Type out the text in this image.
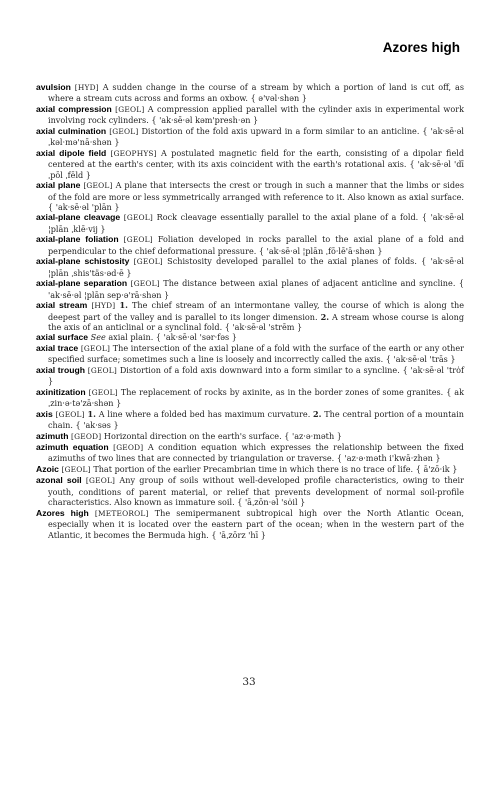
Azores high

avulsion [HYD] A sudden change in the course of a stream by which a portion of land is cut off, as where a stream cuts across and forms an oxbow. { ə'vəl·shən }

axial compression [GEOL] A compression applied parallel with the cylinder axis in experimental work involving rock cylinders. { 'ak·sē·əl kəm'presh·ən }

axial culmination [GEOL] Distortion of the fold axis upward in a form similar to an anticline. { 'ak·sē·əl ˌkəl·mə'nā·shən }

axial dipole field [GEOPHYS] A postulated magnetic field for the earth, consisting of a dipolar field centered at the earth's center, with its axis coincident with the earth's rotational axis. { 'ak·sē·əl 'dīˌpōl ˌfēld }

axial plane [GEOL] A plane that intersects the crest or trough in such a manner that the limbs or sides of the fold are more or less symmetrically arranged with reference to it. Also known as axial surface. { 'ak·sē·əl 'plān }

axial-plane cleavage [GEOL] Rock cleavage essentially parallel to the axial plane of a fold. { 'ak·sē·əl ¦plān ˌklē·vij }

axial-plane foliation [GEOL] Foliation developed in rocks parallel to the axial plane of a fold and perpendicular to the chief deformational pressure. { 'ak·sē·əl ¦plān ˌfō·lē'ā·shən }

axial-plane schistosity [GEOL] Schistosity developed parallel to the axial planes of folds. { 'ak·sē·əl ¦plān ˌshis'täs·əd·ē }

axial-plane separation [GEOL] The distance between axial planes of adjacent anticline and syncline. { 'ak·sē·əl ¦plān sep·ə'rā·shən }

axial stream [HYD] 1. The chief stream of an intermontane valley, the course of which is along the deepest part of the valley and is parallel to its longer dimension. 2. A stream whose course is along the axis of an anticlinal or a synclinal fold. { 'ak·sē·əl 'strēm }

axial surface See axial plain. { 'ak·sē·əl 'sər·fəs }

axial trace [GEOL] The intersection of the axial plane of a fold with the surface of the earth or any other specified surface; sometimes such a line is loosely and incorrectly called the axis. { 'ak·sē·əl 'trās }

axial trough [GEOL] Distortion of a fold axis downward into a form similar to a syncline. { 'ak·sē·əl 'trȯf }

axinitization [GEOL] The replacement of rocks by axinite, as in the border zones of some granites. { akˌzin·ə·tə'zā·shən }

axis [GEOL] 1. A line where a folded bed has maximum curvature. 2. The central portion of a mountain chain. { 'ak·səs }

azimuth [GEOD] Horizontal direction on the earth's surface. { 'az·ə·məth }

azimuth equation [GEOD] A condition equation which expresses the relationship between the fixed azimuths of two lines that are connected by triangulation or traverse. { 'az·ə·məth i'kwā·zhən }

Azoic [GEOL] That portion of the earlier Precambrian time in which there is no trace of life. { ā'zō·ik }

azonal soil [GEOL] Any group of soils without well-developed profile characteristics, owing to their youth, conditions of parent material, or relief that prevents development of normal soil-profile characteristics. Also known as immature soil. { 'āˌzōn·əl 'sȯil }

Azores high [METEOROL] The semipermanent subtropical high over the North Atlantic Ocean, especially when it is located over the eastern part of the ocean; when in the western part of the Atlantic, it becomes the Bermuda high. { 'āˌzōrz 'hī }

33
